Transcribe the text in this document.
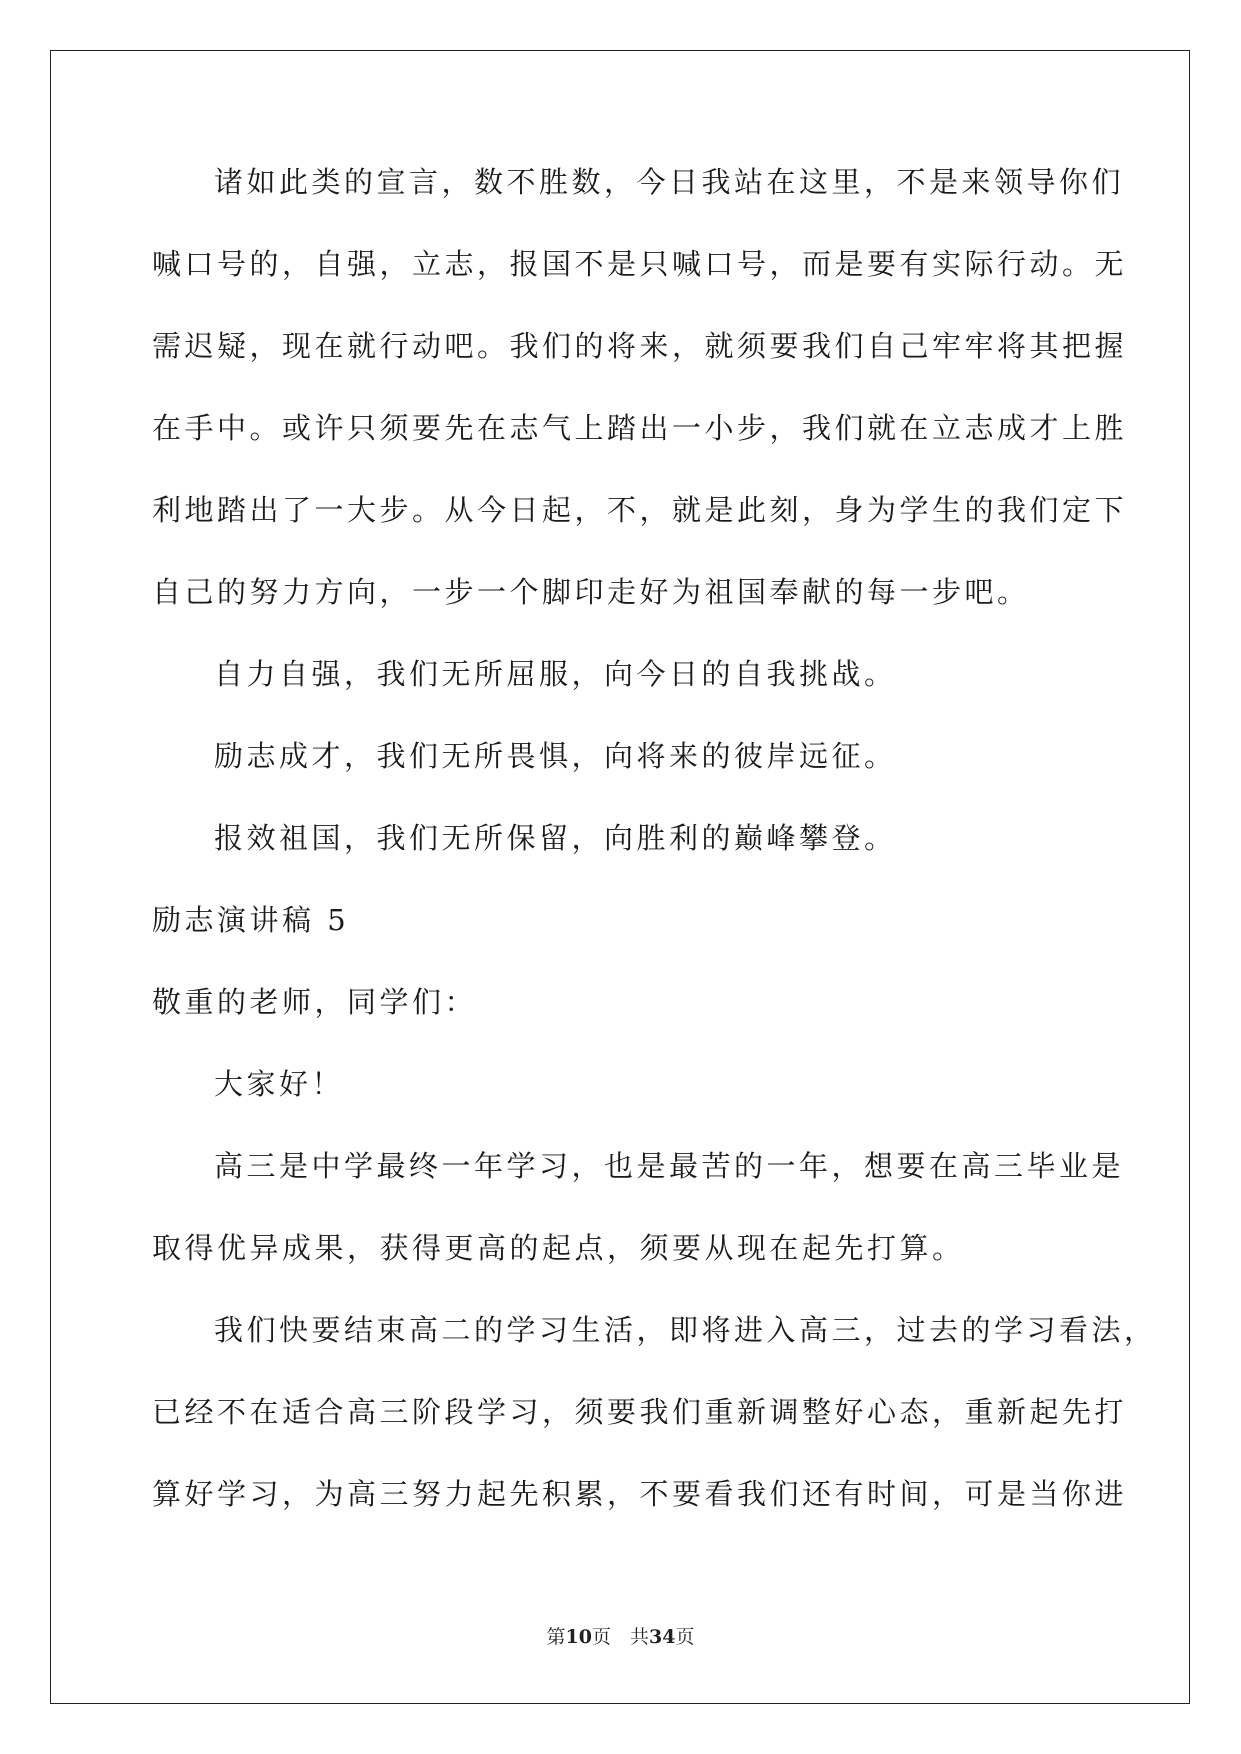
诸如此类的宣言，数不胜数，今日我站在这里，不是来领导你们
喊口号的，自强，立志，报国不是只喊口号，而是要有实际行动。无
需迟疑，现在就行动吧。我们的将来，就须要我们自己牢牢将其把握
在手中。或许只须要先在志气上踏出一小步，我们就在立志成才上胜
利地踏出了一大步。从今日起，不，就是此刻，身为学生的我们定下
自己的努力方向，一步一个脚印走好为祖国奉献的每一步吧。
自力自强，我们无所屈服，向今日的自我挑战。
励志成才，我们无所畏惧，向将来的彼岸远征。
报效祖国，我们无所保留，向胜利的巅峰攀登。
励志演讲稿 5
敬重的老师，同学们：
大家好！
高三是中学最终一年学习，也是最苦的一年，想要在高三毕业是
取得优异成果，获得更高的起点，须要从现在起先打算。
我们快要结束高二的学习生活，即将进入高三，过去的学习看法，
已经不在适合高三阶段学习，须要我们重新调整好心态，重新起先打
算好学习，为高三努力起先积累，不要看我们还有时间，可是当你进
第10页　共34页
